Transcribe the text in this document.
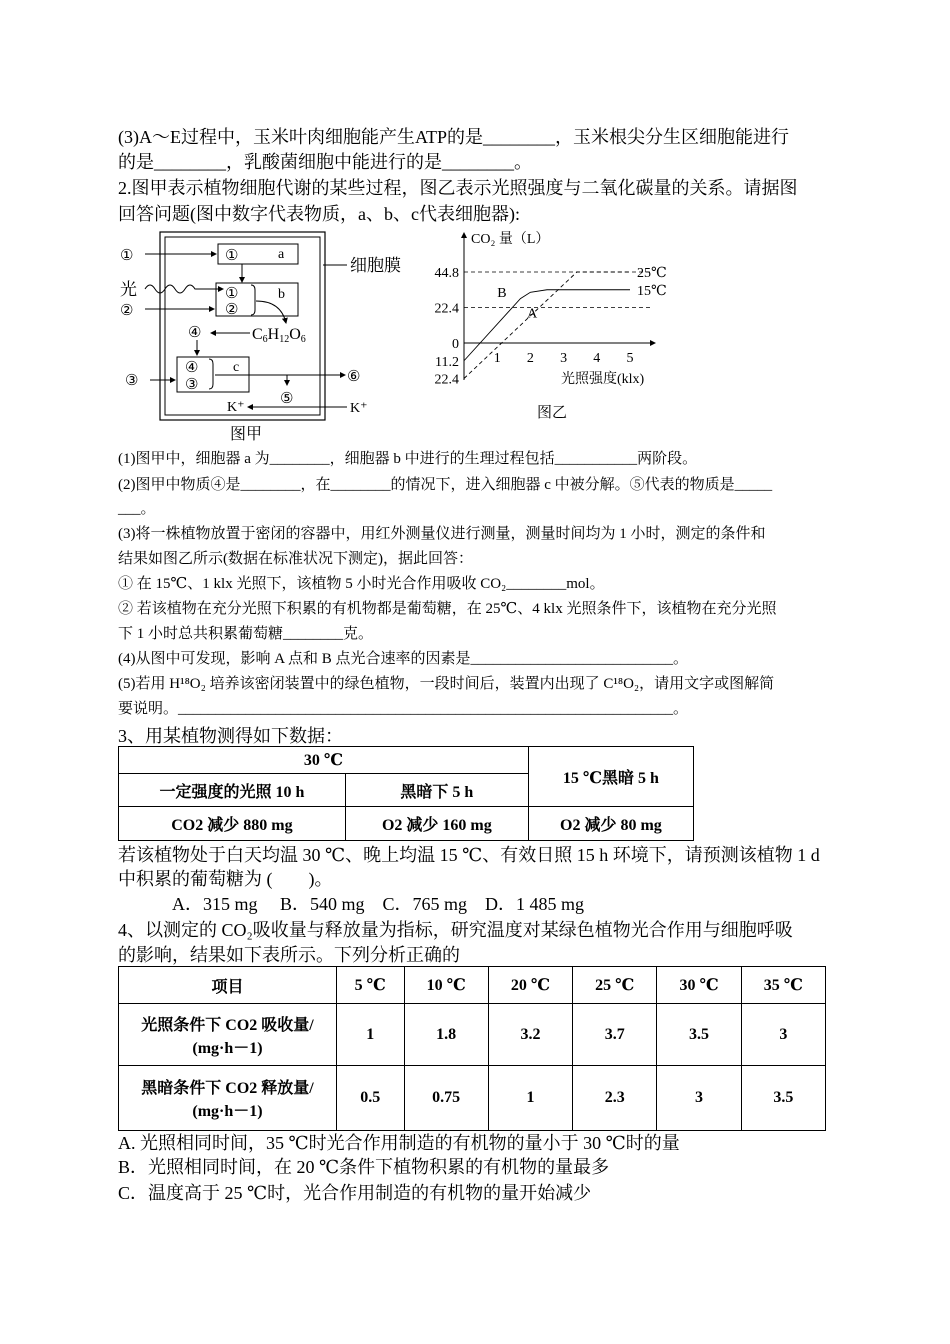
(3)A～E过程中，玉米叶肉细胞能产生ATP的是________，玉米根尖分生区细胞能进行
的是________，乳酸菌细胞中能进行的是________。
2.图甲表示植物细胞代谢的某些过程，图乙表示光照强度与二氧化碳量的关系。请据图
回答问题(图中数字代表物质，a、b、c代表细胞器):
细胞膜
①	a
①
①
②
b
光
②
C6H12O6
④
④
③
c
③	⑥
⑤
K⁺	K⁺
图甲
CO₂ 量（L）
光照强度(klx)
图乙
44.8
22.4
0
11.2
22.4
1 2 3 4 5
15℃
25℃
A
B
(1)图甲中，细胞器 a 为________，细胞器 b 中进行的生理过程包括___________两阶段。
(2)图甲中物质④是________，在________的情况下，进入细胞器 c 中被分解。⑤代表的物质是_____
___。
(3)将一株植物放置于密闭的容器中，用红外测量仪进行测量，测量时间均为 1 小时，测定的条件和
结果如图乙所示(数据在标准状况下测定)，据此回答：
① 在 15℃、1 klx 光照下，该植物 5 小时光合作用吸收 CO₂________mol。
② 若该植物在充分光照下积累的有机物都是葡萄糖，在 25℃、4 klx 光照条件下，该植物在充分光照
下 1 小时总共积累葡萄糖________克。
(4)从图中可发现，影响 A 点和 B 点光合速率的因素是___________________________。
(5)若用 H¹⁸O₂ 培养该密闭装置中的绿色植物，一段时间后，装置内出现了 C¹⁸O₂，请用文字或图解简
要说明。__________________________________________________________________。
3、用某植物测得如下数据：
30 ℃		15 ℃黑暗 5 h
一定强度的光照 10 h	黑暗下 5 h	
CO2 减少 880 mg	O2 减少 160 mg	O2 减少 80 mg
若该植物处于白天均温 30 ℃、晚上均温 15 ℃、有效日照 15 h 环境下，请预测该植物 1 d
中积累的葡萄糖为 (　　)。
A．315 mg　 B．540 mg　C．765 mg　D．1 485 mg
4、以测定的 CO₂吸收量与释放量为指标，研究温度对某绿色植物光合作用与细胞呼吸
的影响，结果如下表所示。下列分析正确的
项目	5 ℃	10 ℃	20 ℃	25 ℃	30 ℃	35 ℃

光照条件下 CO2 吸收量/
(mg·h－1)	1	1.8	3.2	3.7	3.5	3

黑暗条件下 CO2 释放量/
(mg·h－1)	0.5	0.75	1	2.3	3	3.5
A. 光照相同时间，35 ℃时光合作用制造的有机物的量小于 30 ℃时的量
B．光照相同时间，在 20 ℃条件下植物积累的有机物的量最多
C．温度高于 25 ℃时，光合作用制造的有机物的量开始减少
